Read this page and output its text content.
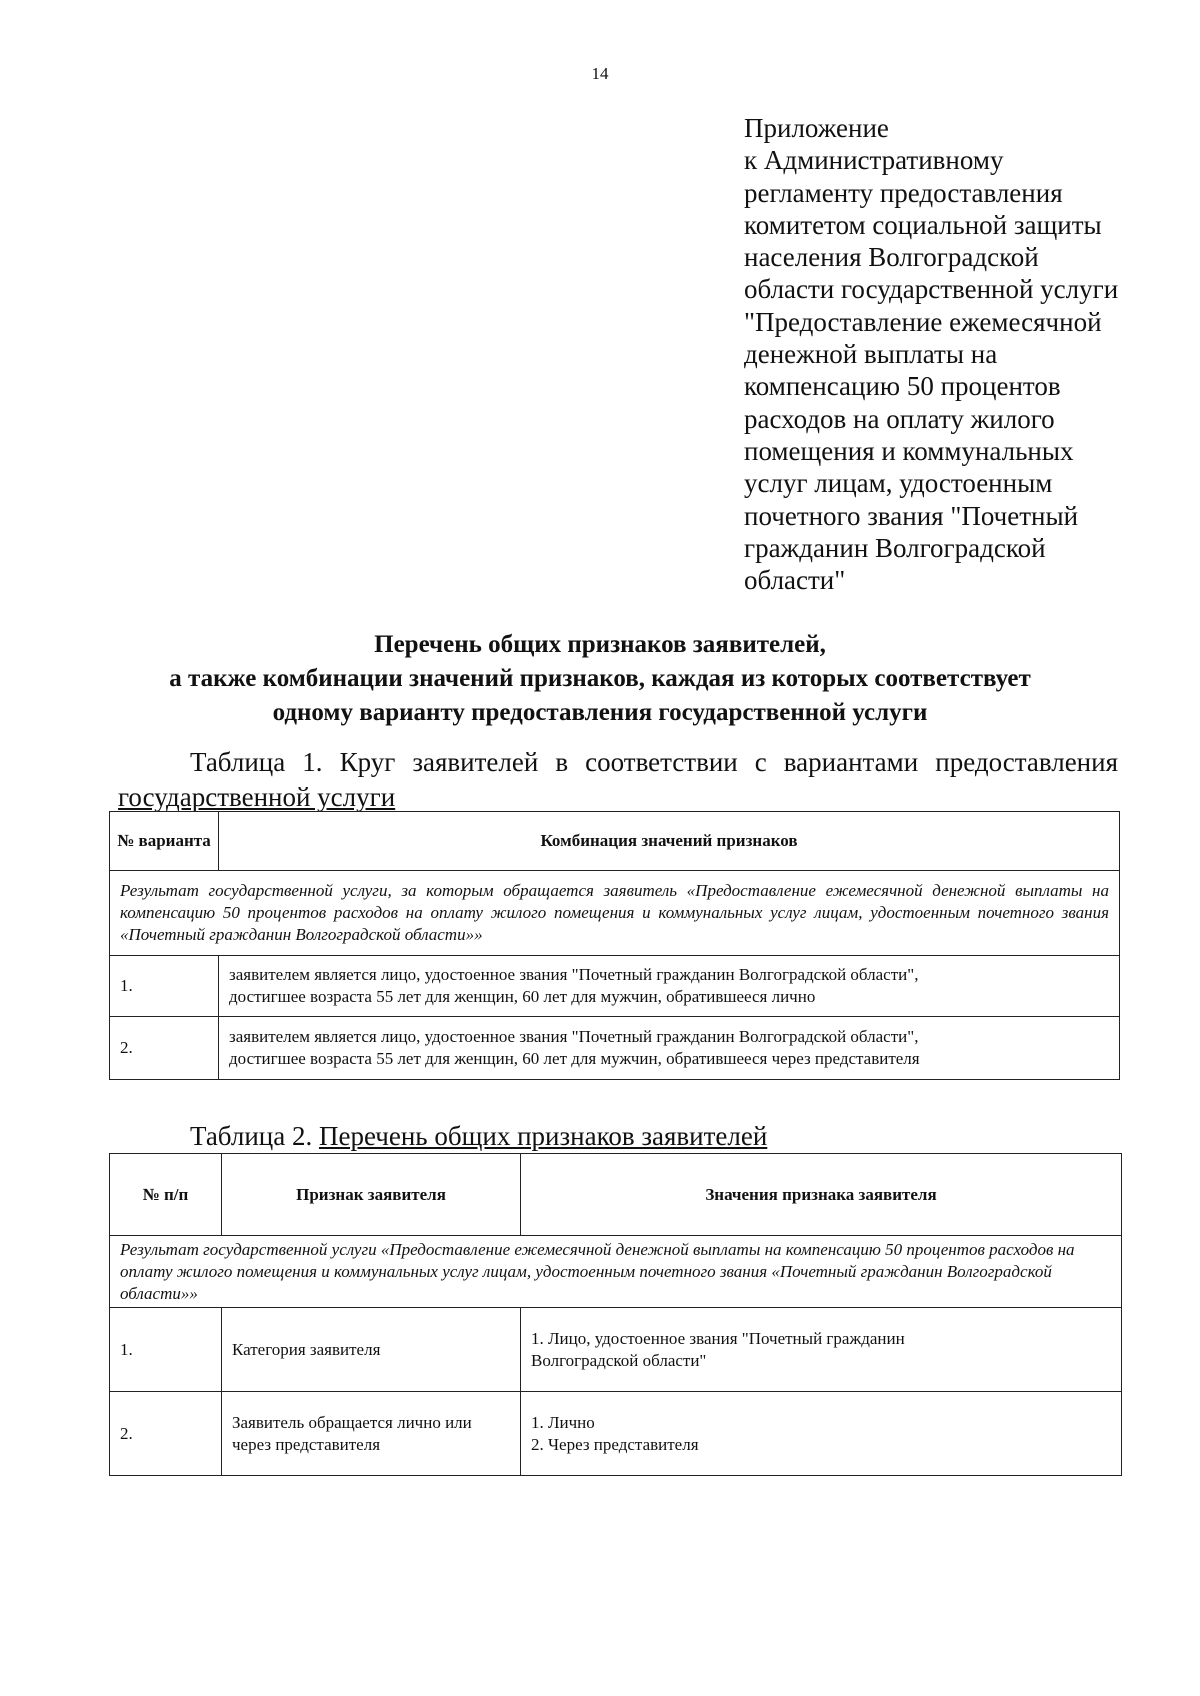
14
Приложение
к Административному
регламенту предоставления
комитетом социальной защиты
населения Волгоградской
области государственной услуги
"Предоставление ежемесячной
денежной выплаты на
компенсацию 50 процентов
расходов на оплату жилого
помещения и коммунальных
услуг лицам, удостоенным
почетного звания "Почетный
гражданин Волгоградской
области"
Перечень общих признаков заявителей,
а также комбинации значений признаков, каждая из которых соответствует
одному варианту предоставления государственной услуги
Таблица 1. Круг заявителей в соответствии с вариантами предоставления
государственной услуги
№ варианта	Комбинация значений признаков
Результат государственной услуги, за которым обращается заявитель «Предоставление ежемесячной денежной выплаты на компенсацию 50 процентов расходов на оплату жилого помещения и коммунальных услуг лицам, удостоенным почетного звания «Почетный гражданин Волгоградской области»»	
1.	заявителем является лицо, удостоенное звания "Почетный гражданин Волгоградской области",
достигшее возраста 55 лет для женщин, 60 лет для мужчин, обратившееся лично

2.	заявителем является лицо, удостоенное звания "Почетный гражданин Волгоградской области",
достигшее возраста 55 лет для женщин, 60 лет для мужчин, обратившееся через представителя
Таблица 2. Перечень общих признаков заявителей
№ п/п	Признак заявителя	Значения признака заявителя
Результат государственной услуги «Предоставление ежемесячной денежной выплаты на компенсацию 50 процентов расходов на оплату жилого помещения и коммунальных услуг лицам, удостоенным почетного звания «Почетный гражданин Волгоградской области»»		
1.	Категория заявителя	1. Лицо, удостоенное звания "Почетный гражданин
Волгоградской области"

2.	Заявитель обращается лично или через представителя	1. Лично
2. Через представителя
